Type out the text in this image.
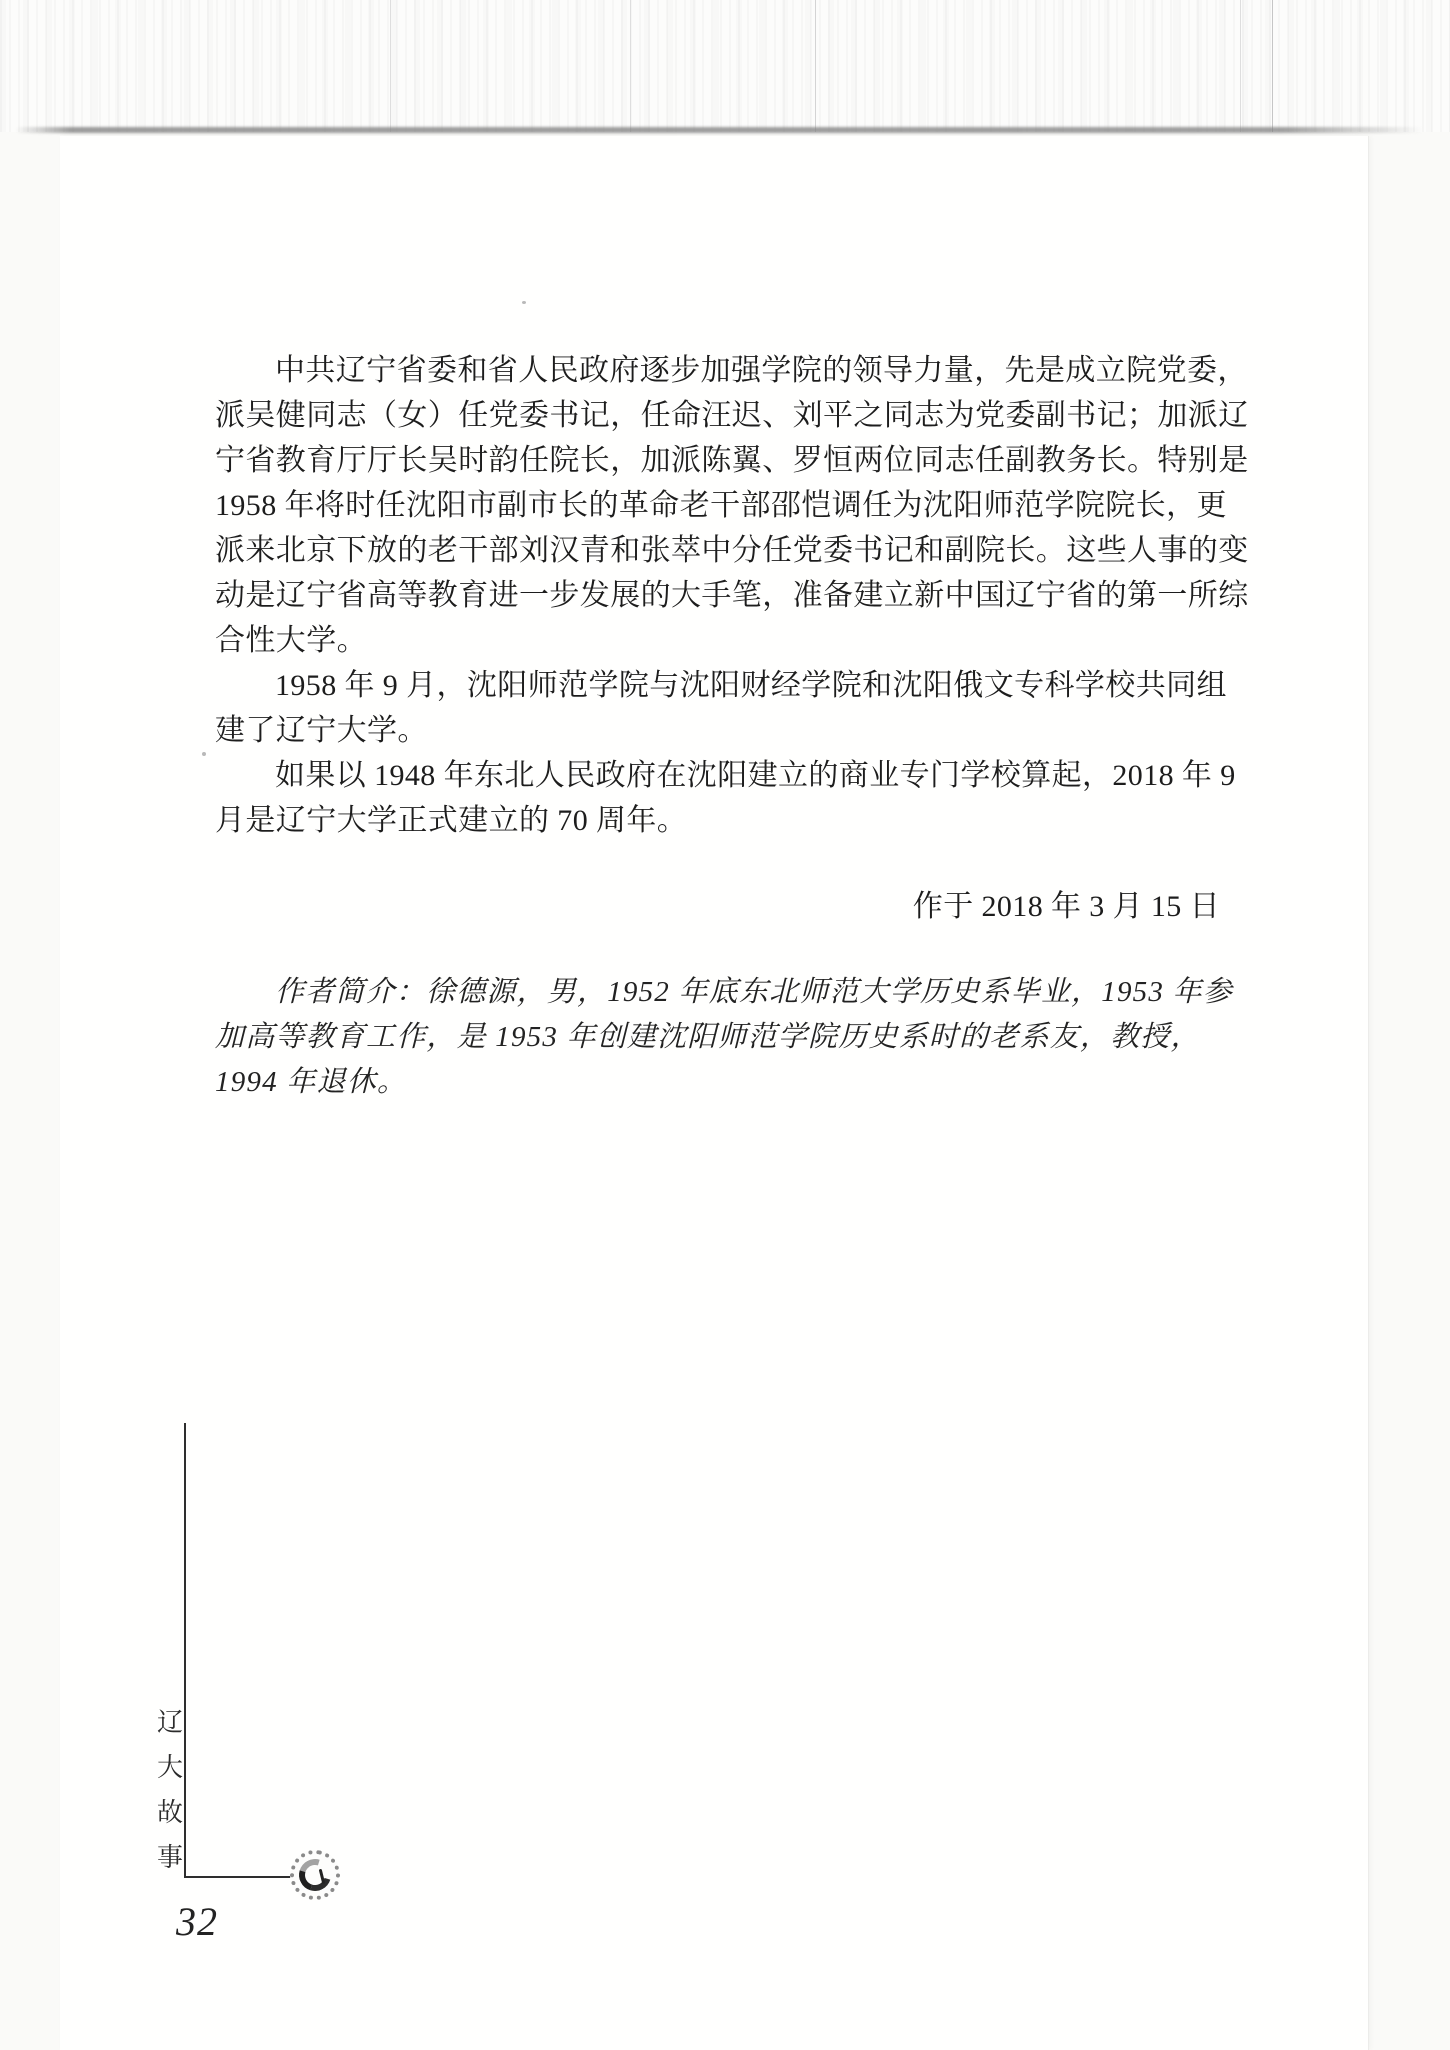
中共辽宁省委和省人民政府逐步加强学院的领导力量，先是成立院党委，
派吴健同志（女）任党委书记，任命汪迟、刘平之同志为党委副书记；加派辽
宁省教育厅厅长吴时韵任院长，加派陈翼、罗恒两位同志任副教务长。特别是
1958 年将时任沈阳市副市长的革命老干部邵恺调任为沈阳师范学院院长，更
派来北京下放的老干部刘汉青和张萃中分任党委书记和副院长。这些人事的变
动是辽宁省高等教育进一步发展的大手笔，准备建立新中国辽宁省的第一所综
合性大学。
1958 年 9 月，沈阳师范学院与沈阳财经学院和沈阳俄文专科学校共同组
建了辽宁大学。
如果以 1948 年东北人民政府在沈阳建立的商业专门学校算起，2018 年 9
月是辽宁大学正式建立的 70 周年。
作于 2018 年 3 月 15 日
作者简介：徐德源，男，1952 年底东北师范大学历史系毕业，1953 年参
加高等教育工作，是 1953 年创建沈阳师范学院历史系时的老系友，教授，
1994 年退休。
辽
大
故
事
32
